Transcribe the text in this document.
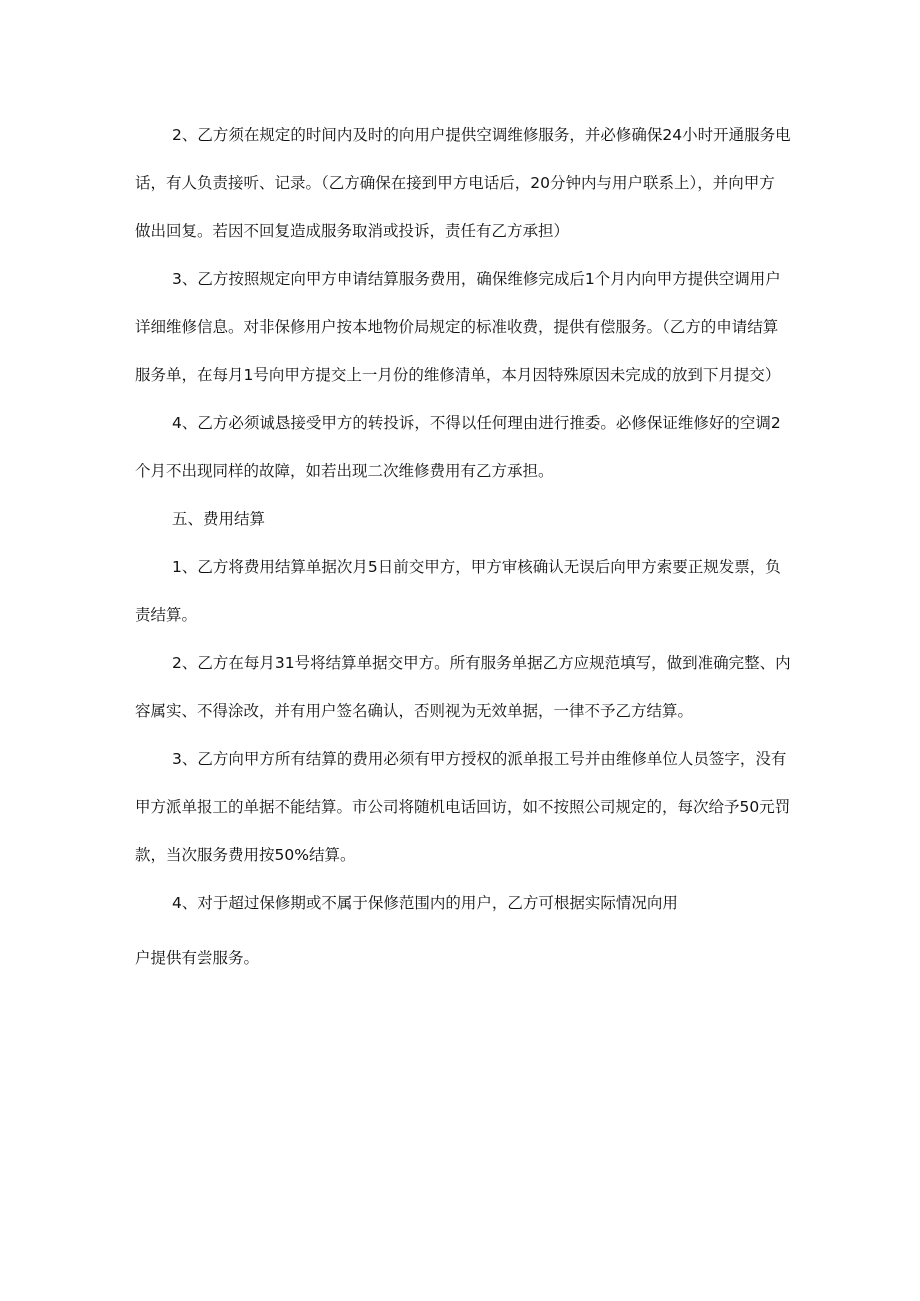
2、乙方须在规定的时间内及时的向用户提供空调维修服务，并必修确保24小时开通服务电

话，有人负责接听、记录。（乙方确保在接到甲方电话后，20分钟内与用户联系上），并向甲方

做出回复。若因不回复造成服务取消或投诉，责任有乙方承担）

3、乙方按照规定向甲方申请结算服务费用，确保维修完成后1个月内向甲方提供空调用户

详细维修信息。对非保修用户按本地物价局规定的标准收费，提供有偿服务。（乙方的申请结算

服务单，在每月1号向甲方提交上一月份的维修清单，本月因特殊原因未完成的放到下月提交）

4、乙方必须诚恳接受甲方的转投诉，不得以任何理由进行推委。必修保证维修好的空调2

个月不出现同样的故障，如若出现二次维修费用有乙方承担。

五、费用结算

1、乙方将费用结算单据次月5日前交甲方，甲方审核确认无误后向甲方索要正规发票，负

责结算。

2、乙方在每月31号将结算单据交甲方。所有服务单据乙方应规范填写，做到准确完整、内

容属实、不得涂改，并有用户签名确认，否则视为无效单据，一律不予乙方结算。

3、乙方向甲方所有结算的费用必须有甲方授权的派单报工号并由维修单位人员签字，没有

甲方派单报工的单据不能结算。市公司将随机电话回访，如不按照公司规定的，每次给予50元罚

款，当次服务费用按50%结算。

4、对于超过保修期或不属于保修范围内的用户，乙方可根据实际情况向用

户提供有尝服务。
